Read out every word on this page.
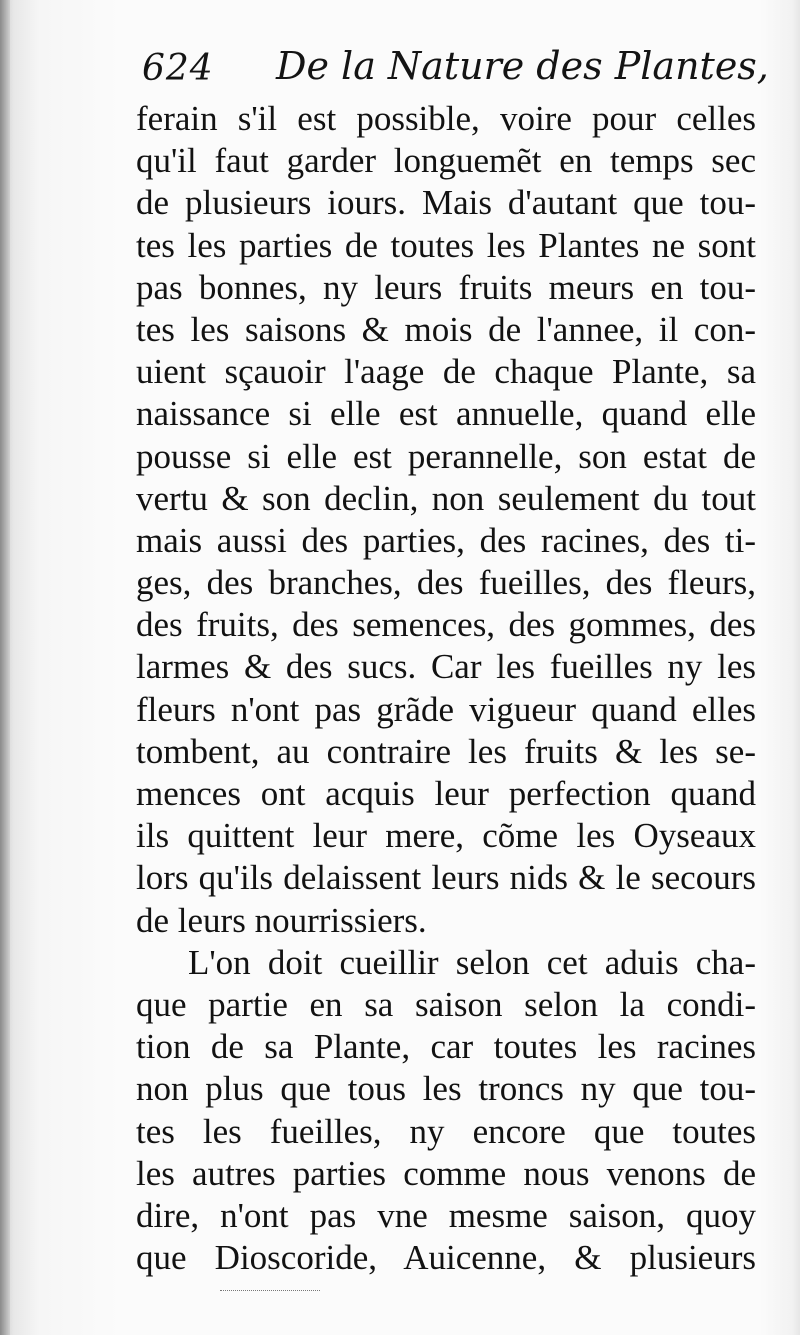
624 De la Nature des Plantes,
ferain s'il est possible, voire pour celles
qu'il faut garder longuemẽt en temps sec
de plusieurs iours. Mais d'autant que tou-
tes les parties de toutes les Plantes ne sont
pas bonnes, ny leurs fruits meurs en tou-
tes les saisons & mois de l'annee, il con-
uient sçauoir l'aage de chaque Plante, sa
naissance si elle est annuelle, quand elle
pousse si elle est perannelle, son estat de
vertu & son declin, non seulement du tout
mais aussi des parties, des racines, des ti-
ges, des branches, des fueilles, des fleurs,
des fruits, des semences, des gommes, des
larmes & des sucs. Car les fueilles ny les
fleurs n'ont pas grãde vigueur quand elles
tombent, au contraire les fruits & les se-
mences ont acquis leur perfection quand
ils quittent leur mere, cõme les Oyseaux
lors qu'ils delaissent leurs nids & le secours
de leurs nourrissiers.
L'on doit cueillir selon cet aduis cha-
que partie en sa saison selon la condi-
tion de sa Plante, car toutes les racines
non plus que tous les troncs ny que tou-
tes les fueilles, ny encore que toutes
les autres parties comme nous venons de
dire, n'ont pas vne mesme saison, quoy
que Dioscoride, Auicenne, & plusieurs
